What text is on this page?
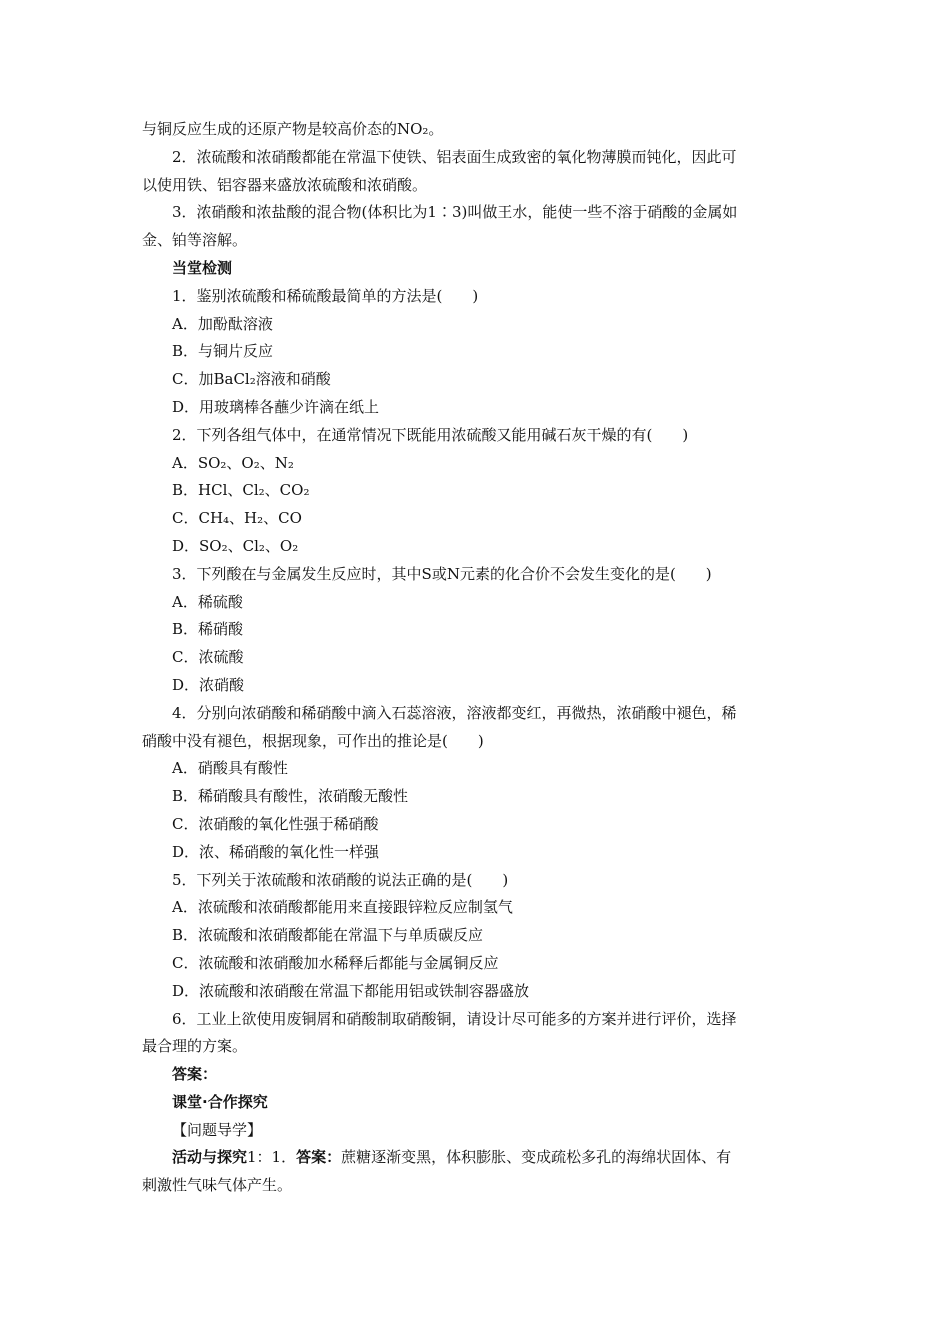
与铜反应生成的还原产物是较高价态的NO₂。
2．浓硫酸和浓硝酸都能在常温下使铁、铝表面生成致密的氧化物薄膜而钝化，因此可
以使用铁、铝容器来盛放浓硫酸和浓硝酸。
3．浓硝酸和浓盐酸的混合物(体积比为1∶3)叫做王水，能使一些不溶于硝酸的金属如
金、铂等溶解。
当堂检测
1．鉴别浓硫酸和稀硫酸最简单的方法是(　　)
A．加酚酞溶液
B．与铜片反应
C．加BaCl₂溶液和硝酸
D．用玻璃棒各蘸少许滴在纸上
2．下列各组气体中，在通常情况下既能用浓硫酸又能用碱石灰干燥的有(　　)
A．SO₂、O₂、N₂
B．HCl、Cl₂、CO₂
C．CH₄、H₂、CO
D．SO₂、Cl₂、O₂
3．下列酸在与金属发生反应时，其中S或N元素的化合价不会发生变化的是(　　)
A．稀硫酸
B．稀硝酸
C．浓硫酸
D．浓硝酸
4．分别向浓硝酸和稀硝酸中滴入石蕊溶液，溶液都变红，再微热，浓硝酸中褪色，稀
硝酸中没有褪色，根据现象，可作出的推论是(　　)
A．硝酸具有酸性
B．稀硝酸具有酸性，浓硝酸无酸性
C．浓硝酸的氧化性强于稀硝酸
D．浓、稀硝酸的氧化性一样强
5．下列关于浓硫酸和浓硝酸的说法正确的是(　　)
A．浓硫酸和浓硝酸都能用来直接跟锌粒反应制氢气
B．浓硫酸和浓硝酸都能在常温下与单质碳反应
C．浓硫酸和浓硝酸加水稀释后都能与金属铜反应
D．浓硫酸和浓硝酸在常温下都能用铝或铁制容器盛放
6．工业上欲使用废铜屑和硝酸制取硝酸铜，请设计尽可能多的方案并进行评价，选择
最合理的方案。
答案：
课堂·合作探究
【问题导学】
活动与探究1：1．答案：蔗糖逐渐变黑，体积膨胀、变成疏松多孔的海绵状固体、有
刺激性气味气体产生。
